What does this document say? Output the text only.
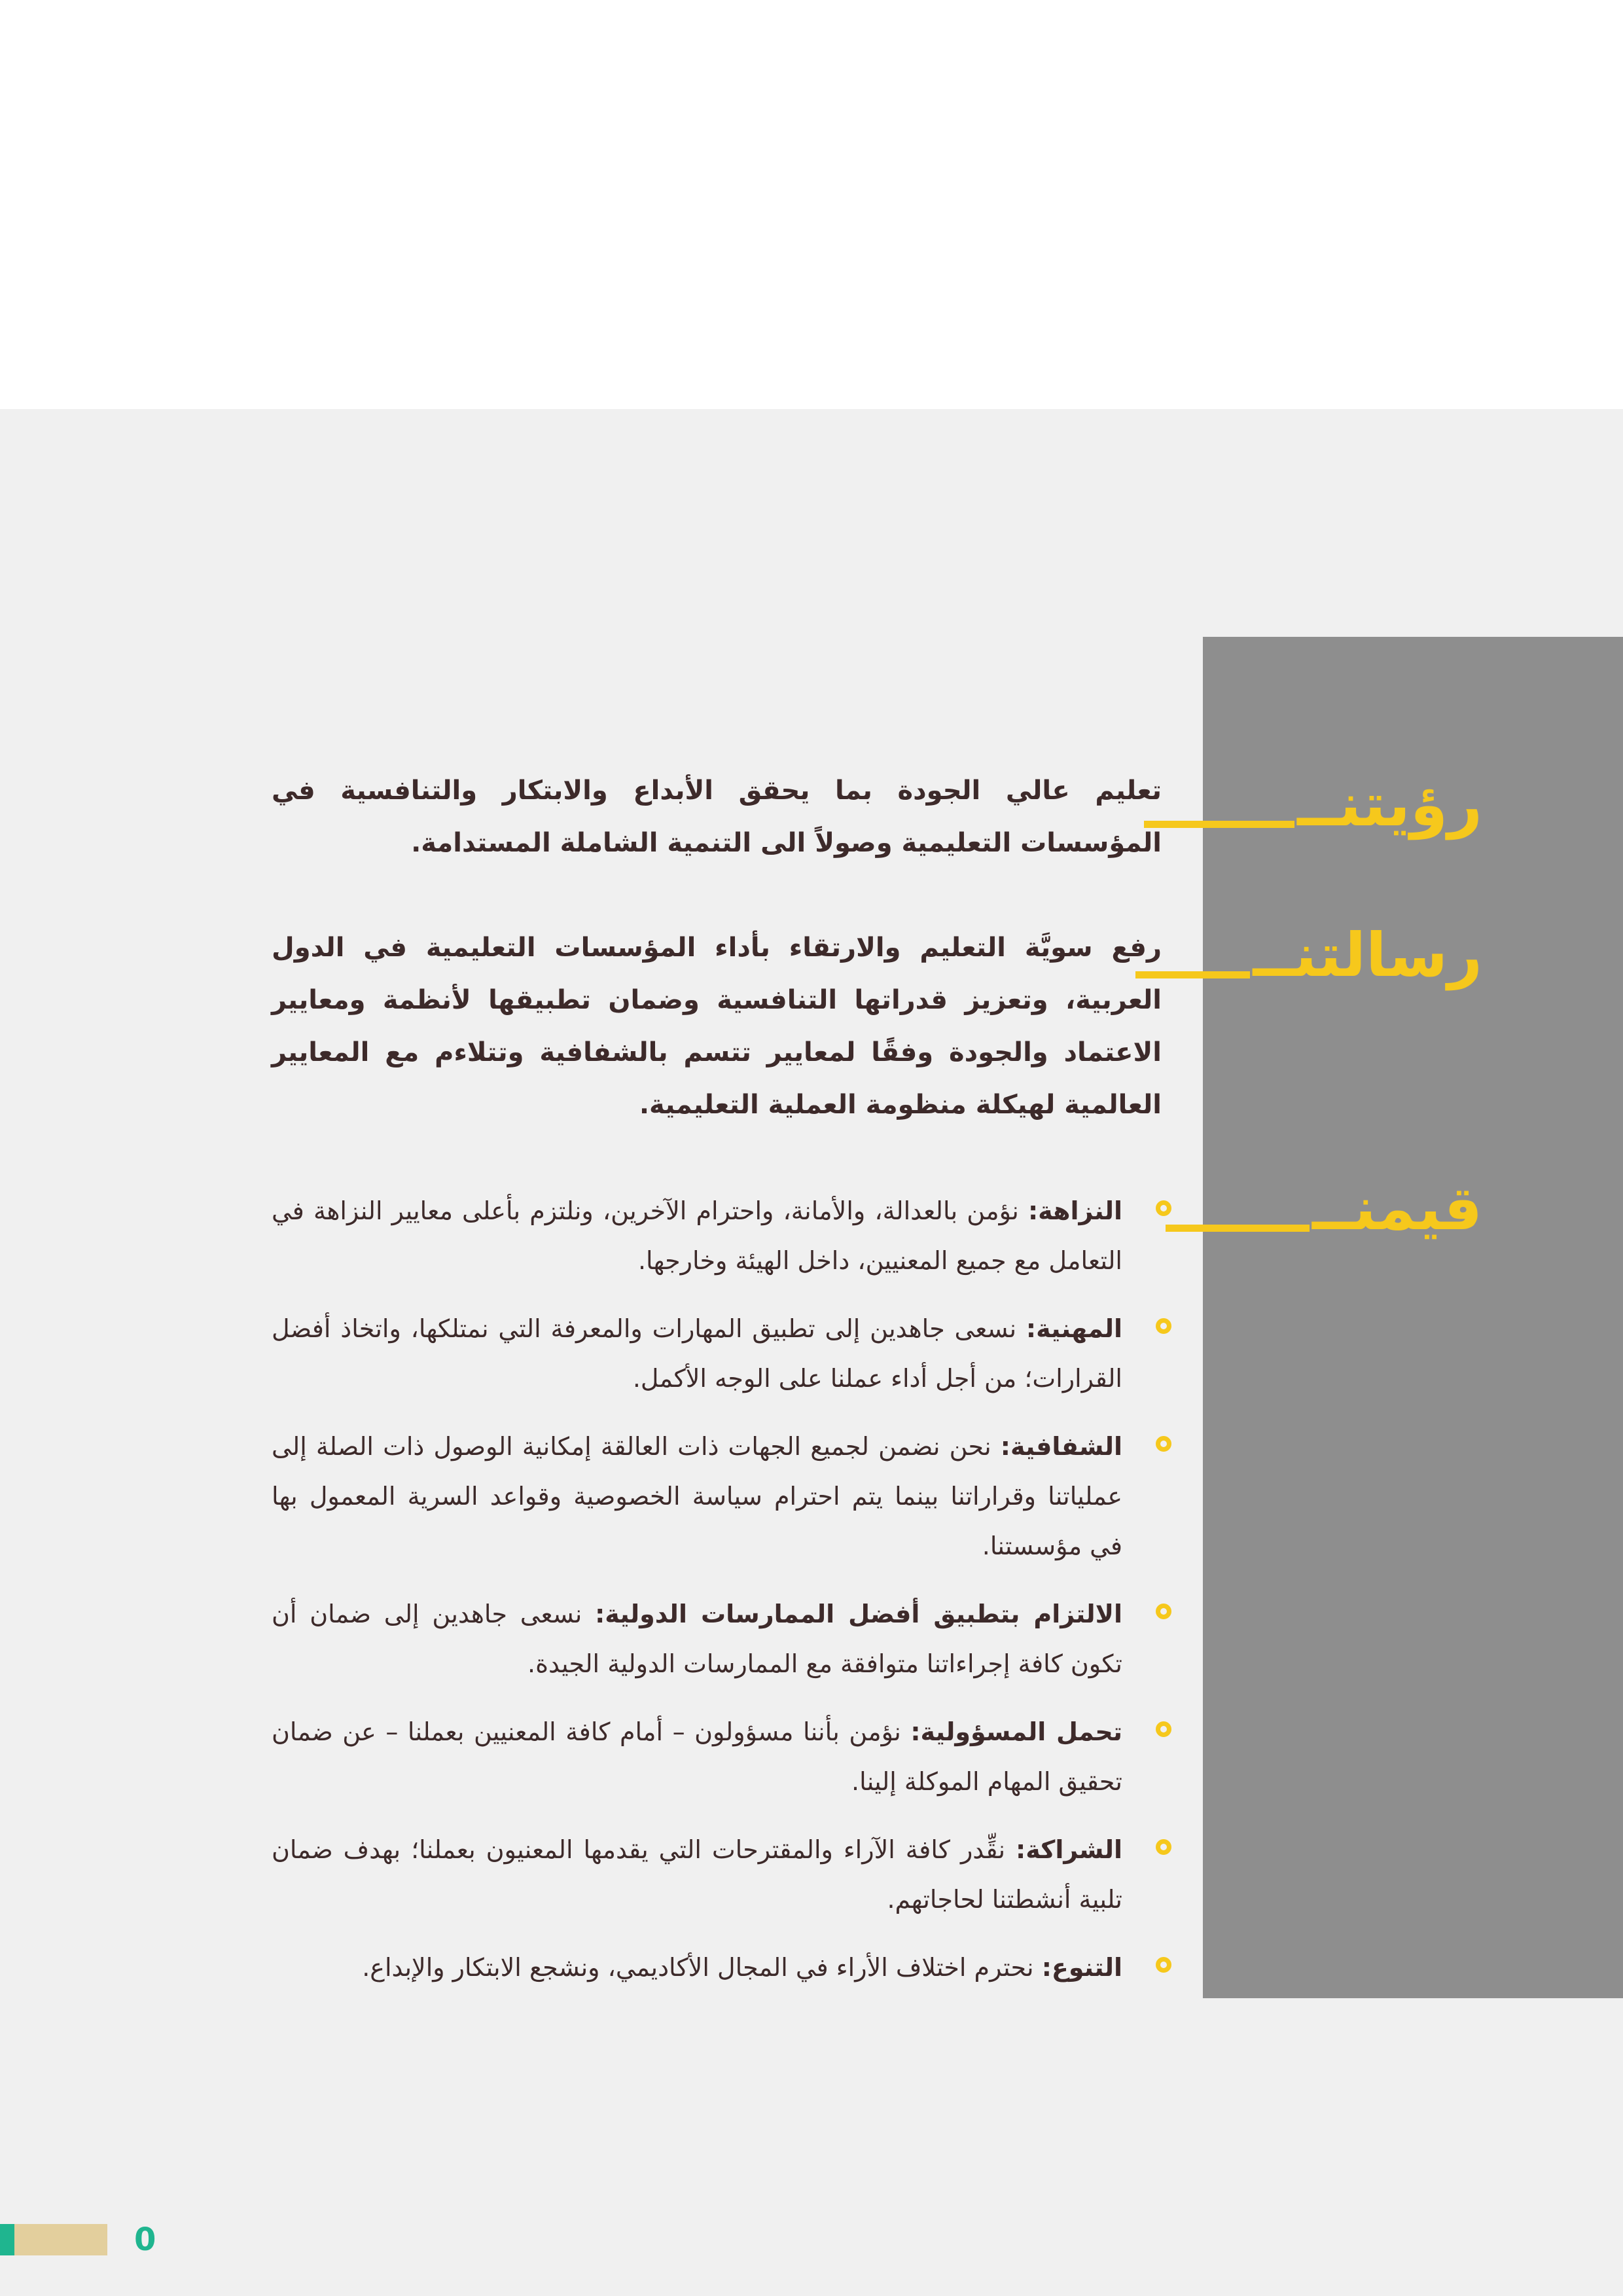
رؤيتنــ
رسالتنــ
قيمنــ

تعليم عالي الجودة بما يحقق الأبداع والابتكار والتنافسية في المؤسسات التعليمية وصولاً الى التنمية الشاملة المستدامة.

رفع سويَّة التعليم والارتقاء بأداء المؤسسات التعليمية في الدول العربية، وتعزيز قدراتها التنافسية وضمان تطبيقها لأنظمة ومعايير الاعتماد والجودة وفقًا لمعايير تتسم بالشفافية وتتلاءم مع المعايير العالمية لهيكلة منظومة العملية التعليمية.

النزاهة: نؤمن بالعدالة، والأمانة، واحترام الآخرين، ونلتزم بأعلى معايير النزاهة في التعامل مع جميع المعنيين، داخل الهيئة وخارجها.
المهنية: نسعى جاهدين إلى تطبيق المهارات والمعرفة التي نمتلكها، واتخاذ أفضل القرارات؛ من أجل أداء عملنا على الوجه الأكمل.
الشفافية: نحن نضمن لجميع الجهات ذات العالقة إمكانية الوصول ذات الصلة إلى عملياتنا وقراراتنا بينما يتم احترام سياسة الخصوصية وقواعد السرية المعمول بها في مؤسستنا.
الالتزام بتطبيق أفضل الممارسات الدولية: نسعى جاهدين إلى ضمان أن تكون كافة إجراءاتنا متوافقة مع الممارسات الدولية الجيدة.
تحمل المسؤولية: نؤمن بأننا مسؤولون – أمام كافة المعنيين بعملنا – عن ضمان تحقيق المهام الموكلة إلينا.
الشراكة: نقِّدر كافة الآراء والمقترحات التي يقدمها المعنيون بعملنا؛ بهدف ضمان تلبية أنشطتنا لحاجاتهم.
التنوع: نحترم اختلاف الأراء في المجال الأكاديمي، ونشجع الابتكار والإبداع.
0
